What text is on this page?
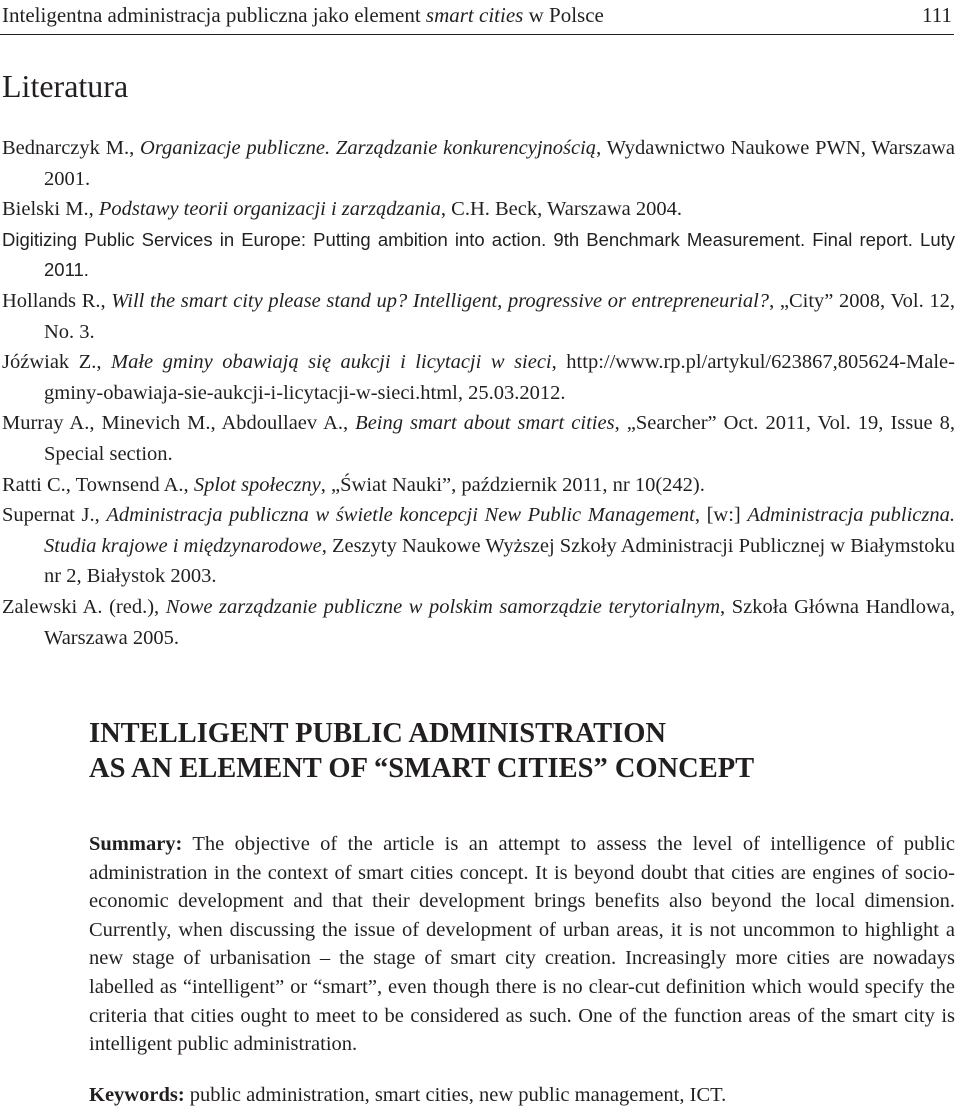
Inteligentna administracja publiczna jako element smart cities w Polsce	111
Literatura
Bednarczyk M., Organizacje publiczne. Zarządzanie konkurencyjnością, Wydawnictwo Naukowe PWN, Warszawa 2001.
Bielski M., Podstawy teorii organizacji i zarządzania, C.H. Beck, Warszawa 2004.
Digitizing Public Services in Europe: Putting ambition into action. 9th Benchmark Measurement. Final report. Luty 2011.
Hollands R., Will the smart city please stand up? Intelligent, progressive or entrepreneurial?, „City” 2008, Vol. 12, No. 3.
Jóźwiak Z., Małe gminy obawiają się aukcji i licytacji w sieci, http://www.rp.pl/artykul/623867,805624-Male-gminy-obawiaja-sie-aukcji-i-licytacji-w-sieci.html, 25.03.2012.
Murray A., Minevich M., Abdoullaev A., Being smart about smart cities, „Searcher” Oct. 2011, Vol. 19, Issue 8, Special section.
Ratti C., Townsend A., Splot społeczny, „Świat Nauki”, październik 2011, nr 10(242).
Supernat J., Administracja publiczna w świetle koncepcji New Public Management, [w:] Administracja publiczna. Studia krajowe i międzynarodowe, Zeszyty Naukowe Wyższej Szkoły Administracji Publicznej w Białymstoku nr 2, Białystok 2003.
Zalewski A. (red.), Nowe zarządzanie publiczne w polskim samorządzie terytorialnym, Szkoła Główna Handlowa, Warszawa 2005.
INTELLIGENT PUBLIC ADMINISTRATION
AS AN ELEMENT OF “SMART CITIES” CONCEPT

Summary: The objective of the article is an attempt to assess the level of intelligence of public administration in the context of smart cities concept. It is beyond doubt that cities are engines of socio-economic development and that their development brings benefits also beyond the local dimension. Currently, when discussing the issue of development of urban areas, it is not uncommon to highlight a new stage of urbanisation – the stage of smart city creation. Increasingly more cities are nowadays labelled as “intelligent” or “smart”, even though there is no clear-cut definition which would specify the criteria that cities ought to meet to be considered as such. One of the function areas of the smart city is intelligent public administration.

Keywords: public administration, smart cities, new public management, ICT.
